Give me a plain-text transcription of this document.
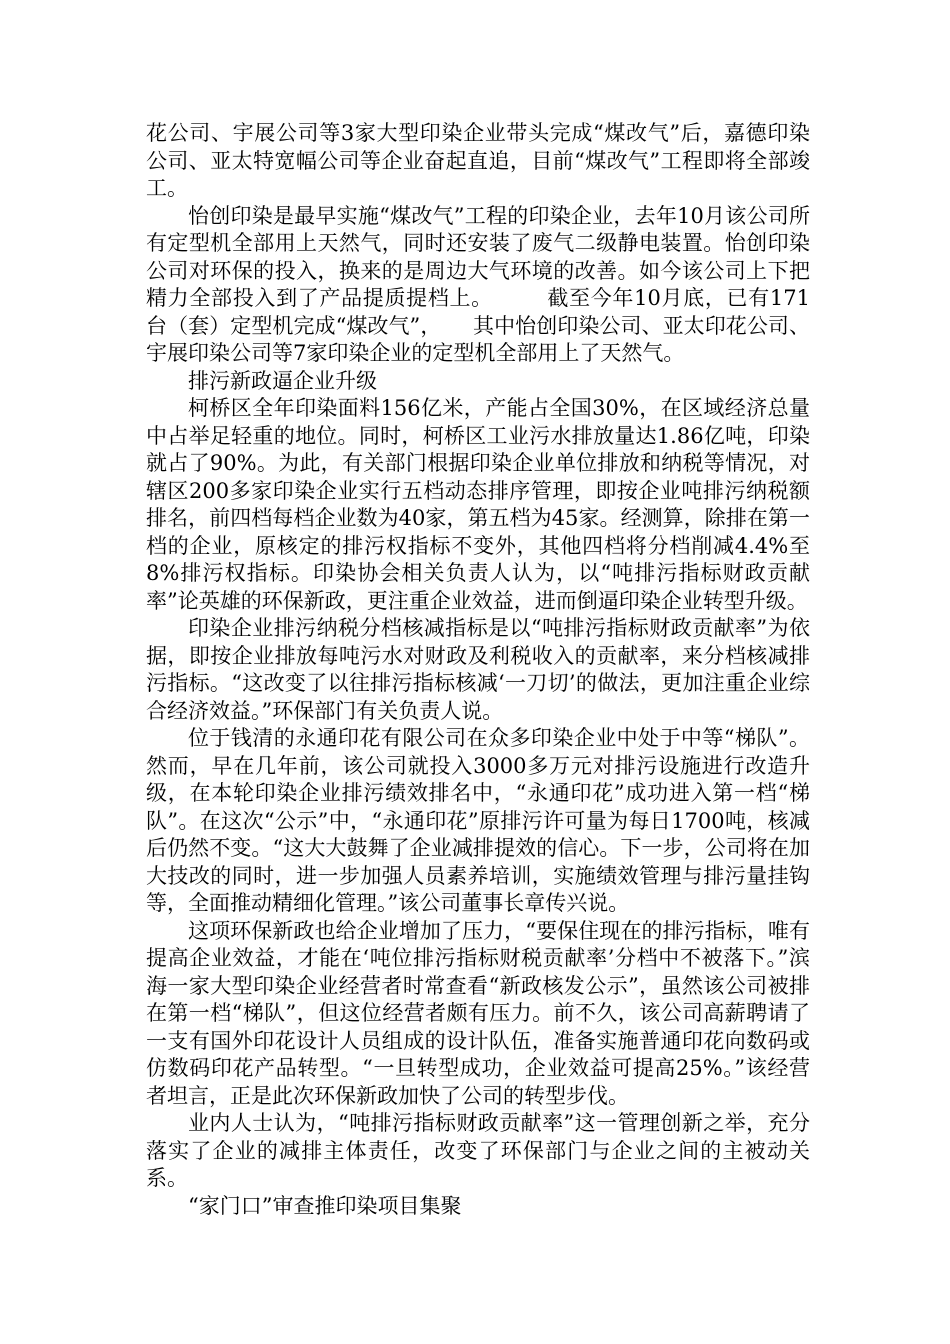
花公司、宇展公司等3家大型印染企业带头完成“煤改气”后，嘉德印染公司、亚太特宽幅公司等企业奋起直追，目前“煤改气”工程即将全部竣工。

怡创印染是最早实施“煤改气”工程的印染企业，去年10月该公司所有定型机全部用上天然气，同时还安装了废气二级静电装置。怡创印染公司对环保的投入，换来的是周边大气环境的改善。如今该公司上下把精力全部投入到了产品提质提档上。　　　截至今年10月底，已有171台（套）定型机完成“煤改气”，　　其中怡创印染公司、亚太印花公司、宇展印染公司等7家印染企业的定型机全部用上了天然气。

排污新政逼企业升级

柯桥区全年印染面料156亿米，产能占全国30%，在区域经济总量中占举足轻重的地位。同时，柯桥区工业污水排放量达1.86亿吨，印染就占了90%。为此，有关部门根据印染企业单位排放和纳税等情况，对辖区200多家印染企业实行五档动态排序管理，即按企业吨排污纳税额排名，前四档每档企业数为40家，第五档为45家。经测算，除排在第一档的企业，原核定的排污权指标不变外，其他四档将分档削减4.4%至8%排污权指标。印染协会相关负责人认为，以“吨排污指标财政贡献率”论英雄的环保新政，更注重企业效益，进而倒逼印染企业转型升级。

印染企业排污纳税分档核减指标是以“吨排污指标财政贡献率”为依据，即按企业排放每吨污水对财政及利税收入的贡献率，来分档核减排污指标。“这改变了以往排污指标核减‘一刀切’的做法，更加注重企业综合经济效益。”环保部门有关负责人说。

位于钱清的永通印花有限公司在众多印染企业中处于中等“梯队”。然而，早在几年前，该公司就投入3000多万元对排污设施进行改造升级，在本轮印染企业排污绩效排名中，“永通印花”成功进入第一档“梯队”。在这次“公示”中，“永通印花”原排污许可量为每日1700吨，核减后仍然不变。“这大大鼓舞了企业减排提效的信心。下一步，公司将在加大技改的同时，进一步加强人员素养培训，实施绩效管理与排污量挂钩等，全面推动精细化管理。”该公司董事长章传兴说。

这项环保新政也给企业增加了压力，“要保住现在的排污指标，唯有提高企业效益，才能在‘吨位排污指标财税贡献率’分档中不被落下。”滨海一家大型印染企业经营者时常查看“新政核发公示”，虽然该公司被排在第一档“梯队”，但这位经营者颇有压力。前不久，该公司高薪聘请了一支有国外印花设计人员组成的设计队伍，准备实施普通印花向数码或仿数码印花产品转型。“一旦转型成功，企业效益可提高25%。”该经营者坦言，正是此次环保新政加快了公司的转型步伐。

业内人士认为，“吨排污指标财政贡献率”这一管理创新之举，充分落实了企业的减排主体责任，改变了环保部门与企业之间的主被动关系。

“家门口”审查推印染项目集聚
